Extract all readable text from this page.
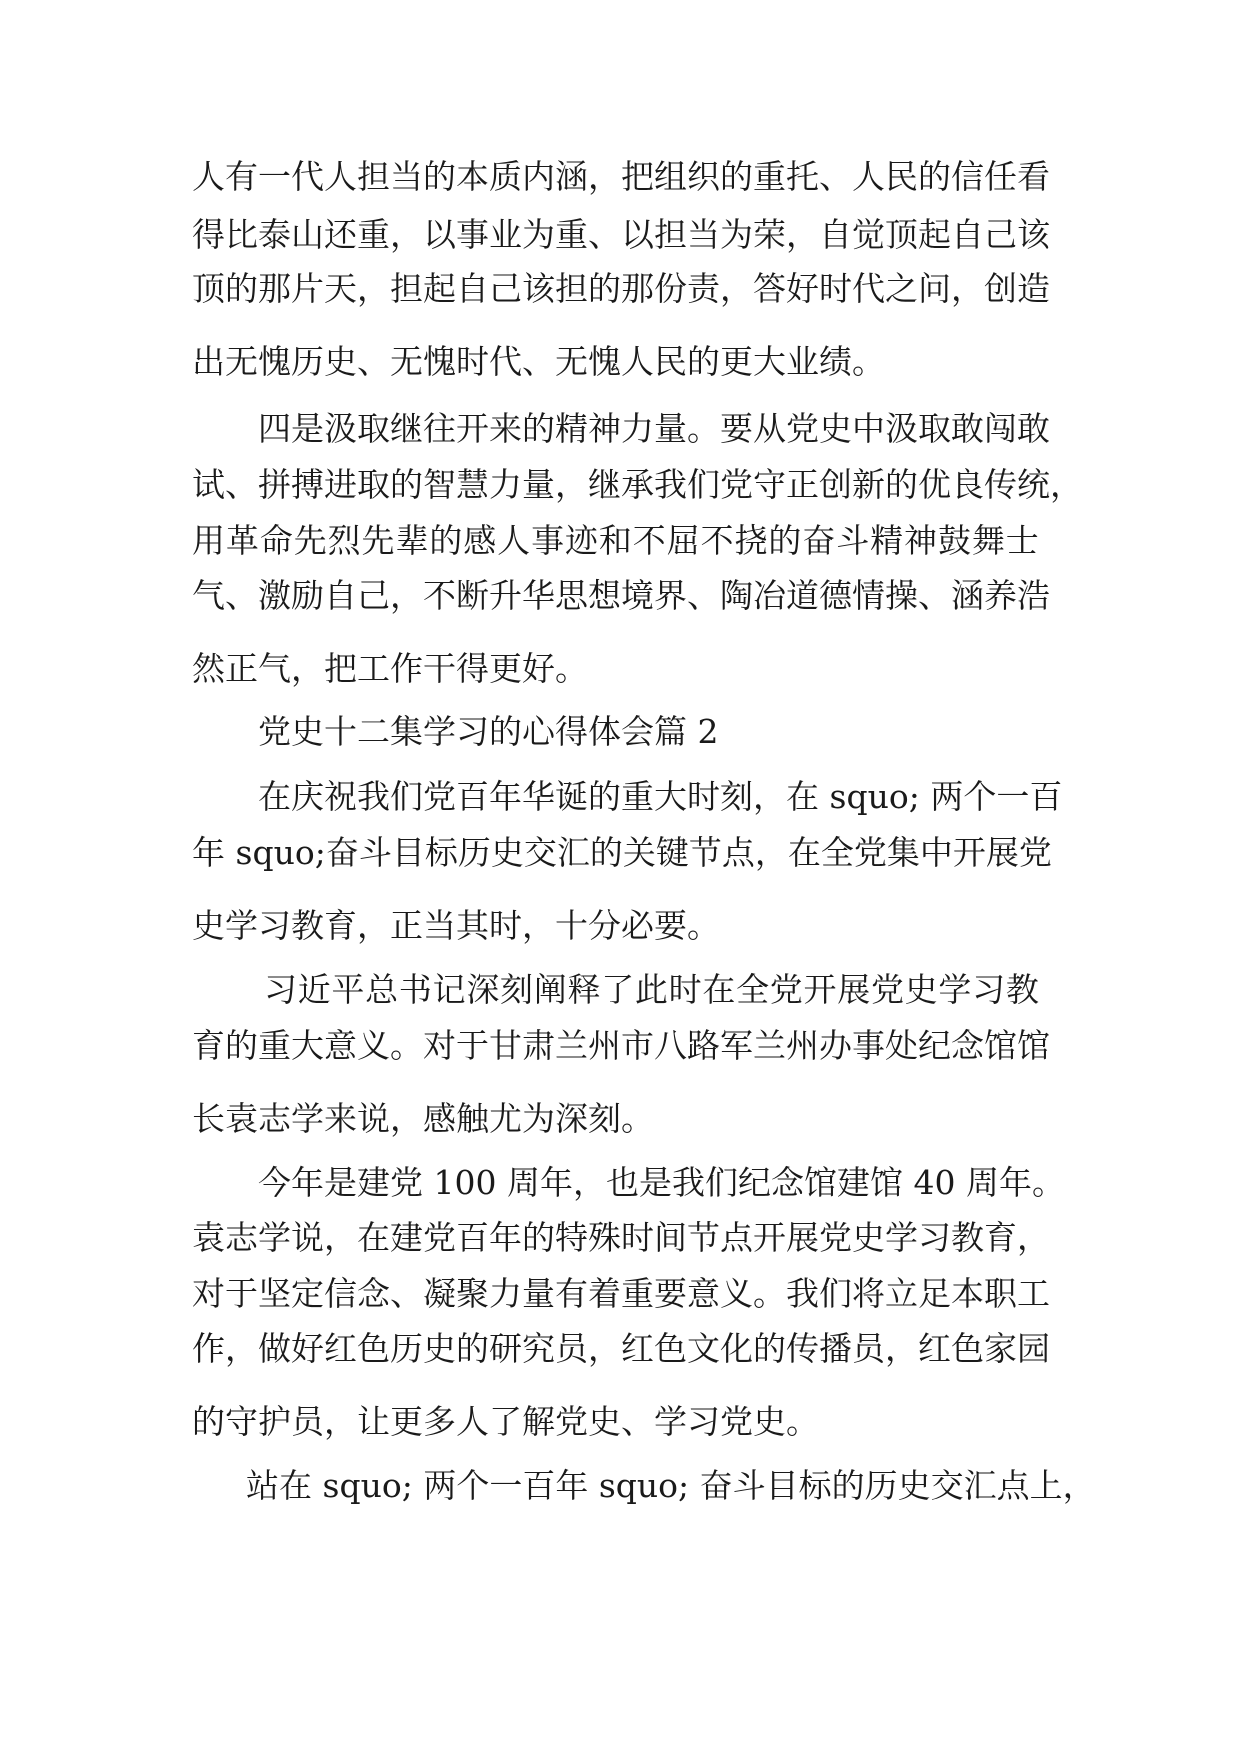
人 有 一 代 人 担 当 的 本 质 内 涵 ， 把 组 织 的 重 托 、 人 民 的 信 任 看
得 比 泰 山 还 重 ， 以 事 业 为 重 、 以 担 当 为 荣 ， 自 觉 顶 起 自 己 该
顶 的 那 片 天 ， 担 起 自 己 该 担 的 那 份 责 ， 答 好 时 代 之 问 ， 创 造
出无愧历史、无愧时代、无愧人民的更大业绩。
四 是 汲 取 继 往 开 来 的 精 神 力 量 。 要 从 党 史 中 汲 取 敢 闯 敢
试 、 拼 搏 进 取 的 智 慧 力 量 ， 继 承 我 们 党 守 正 创 新 的 优 良 传 统 ，
用 革 命 先 烈 先 辈 的 感 人 事 迹 和 不 屈 不 挠 的 奋 斗 精 神 鼓 舞 士
气 、 激 励 自 己 ， 不 断 升 华 思 想 境 界 、 陶 冶 道 德 情 操 、 涵 养 浩
然正气，把工作干得更好。
党史十二集学习的心得体会篇 2
在 庆 祝 我 们 党 百 年 华 诞 的 重 大 时 刻 ， 在
s q u o ;
两 个 一 百
年
s q u o ; 奋 斗 目 标 历 史 交 汇 的 关 键 节 点 ， 在 全 党 集 中 开 展 党
史学习教育，正当其时，十分必要。
习 近 平 总 书 记 深 刻 阐 释 了 此 时 在 全 党 开 展 党 史 学 习 教
育 的 重 大 意 义 。 对 于 甘 肃 兰 州 市 八 路 军 兰 州 办 事 处 纪 念 馆 馆
长袁志学来说，感触尤为深刻。
今 年 是 建 党
1 0 0
周 年 ， 也 是 我 们 纪 念 馆 建 馆
4 0
周 年 。
袁 志 学 说 ， 在 建 党 百 年 的 特 殊 时 间 节 点 开 展 党 史 学 习 教 育 ，
对 于 坚 定 信 念 、 凝 聚 力 量 有 着 重 要 意 义 。 我 们 将 立 足 本 职 工
作 ， 做 好 红 色 历 史 的 研 究 员 ， 红 色 文 化 的 传 播 员 ， 红 色 家 园
的守护员，让更多人了解党史、学习党史。
站 在
s q u o ;
两 个 一 百 年
s q u o ;
奋 斗 目 标 的 历 史 交 汇 点 上 ，
